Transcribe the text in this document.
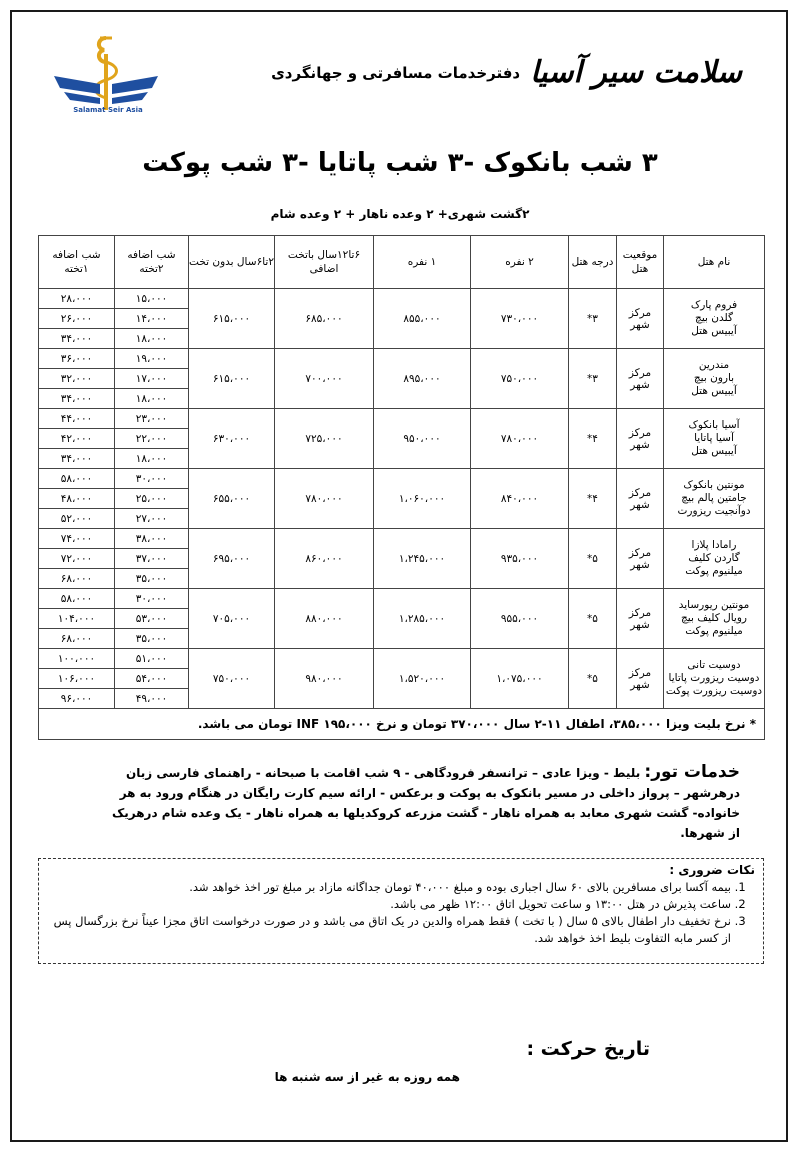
Salamat Seir Asia
سلامت سیر آسیا
دفترخدمات مسافرتی و جهانگردی
۳ شب بانکوک -۳ شب پاتایا -۳ شب پوکت
۲گشت شهری+ ۲ وعده ناهار + ۲ وعده شام
نام هتل	موقعیت هتل	درجه هتل	۲ نفره	۱ نفره	۶تا۱۲سال باتخت اضافی	۲تا۶سال بدون تخت	شب اضافه ۲تخته	شب اضافه ۱تخته

فروم پارک
گلدن بیچ
آیبیس هتل	مرکز شهر	۳*	۷۳۰،۰۰۰	۸۵۵،۰۰۰	۶۸۵،۰۰۰	۶۱۵،۰۰۰	۱۵،۰۰۰	۲۸،۰۰۰
							۱۴،۰۰۰	۲۶،۰۰۰
							۱۸،۰۰۰	۳۴،۰۰۰

مندرین
بارون بیچ
آیبیس هتل	مرکز شهر	۳*	۷۵۰،۰۰۰	۸۹۵،۰۰۰	۷۰۰،۰۰۰	۶۱۵،۰۰۰	۱۹،۰۰۰	۳۶،۰۰۰
							۱۷،۰۰۰	۳۲،۰۰۰
							۱۸،۰۰۰	۳۴،۰۰۰

آسیا بانکوک
آسیا پاتایا
آیبیس هتل	مرکز شهر	۴*	۷۸۰،۰۰۰	۹۵۰،۰۰۰	۷۲۵،۰۰۰	۶۳۰،۰۰۰	۲۳،۰۰۰	۴۴،۰۰۰
							۲۲،۰۰۰	۴۲،۰۰۰
							۱۸،۰۰۰	۳۴،۰۰۰

مونتین بانکوک
جامتین پالم بیچ
دوآنجیت ریزورت	مرکز شهر	۴*	۸۴۰،۰۰۰	۱،۰۶۰،۰۰۰	۷۸۰،۰۰۰	۶۵۵،۰۰۰	۳۰،۰۰۰	۵۸،۰۰۰
							۲۵،۰۰۰	۴۸،۰۰۰
							۲۷،۰۰۰	۵۲،۰۰۰

رامادا پلازا
گاردن کلیف
میلنیوم پوکت	مرکز شهر	۵*	۹۳۵،۰۰۰	۱،۲۴۵،۰۰۰	۸۶۰،۰۰۰	۶۹۵،۰۰۰	۳۸،۰۰۰	۷۴،۰۰۰
							۳۷،۰۰۰	۷۲،۰۰۰
							۳۵،۰۰۰	۶۸،۰۰۰

مونتین ریورساید
رویال کلیف بیچ
میلنیوم پوکت	مرکز شهر	۵*	۹۵۵،۰۰۰	۱،۲۸۵،۰۰۰	۸۸۰،۰۰۰	۷۰۵،۰۰۰	۳۰،۰۰۰	۵۸،۰۰۰
							۵۳،۰۰۰	۱۰۴،۰۰۰
							۳۵،۰۰۰	۶۸،۰۰۰

دوسیت تانی
دوسیت ریزورت پاتایا
دوسیت ریزورت پوکت	مرکز شهر	۵*	۱،۰۷۵،۰۰۰	۱،۵۲۰،۰۰۰	۹۸۰،۰۰۰	۷۵۰،۰۰۰	۵۱،۰۰۰	۱۰۰،۰۰۰
							۵۴،۰۰۰	۱۰۶،۰۰۰
							۴۹،۰۰۰	۹۶،۰۰۰
* نرخ بلیت ویزا ۳۸۵،۰۰۰، اطفال ۱۱-۲ سال ۳۷۰،۰۰۰ تومان و نرخ INF ۱۹۵،۰۰۰ تومان می باشد.								
خدمات تور: بلیط - ویزا عادی – ترانسفر فرودگاهی - ۹ شب اقامت با صبحانه - راهنمای فارسی زبان درهرشهر – پرواز داخلی در مسیر بانکوک به پوکت و برعکس - ارائه سیم کارت رایگان در هنگام ورود به هر خانواده- گشت شهری معابد به همراه ناهار - گشت مزرعه کروکدیلها به همراه ناهار - یک وعده شام درهریک از شهرها.
نکات ضروری :
1. بیمه آکسا برای مسافرین بالای ۶۰ سال اجباری بوده و مبلغ ۴۰،۰۰۰ تومان جداگانه مازاد بر مبلغ تور اخذ خواهد شد.
2. ساعت پذیرش در هتل ۱۳:۰۰ و ساعت تحویل اتاق ۱۲:۰۰ ظهر می باشد.
3. نرخ تخفیف دار اطفال بالای ۵ سال ( با تخت ) فقط همراه والدین در یک اتاق می باشد و در صورت درخواست اتاق مجزا عیناً نرخ بزرگسال پس از کسر مابه التفاوت بلیط اخذ خواهد شد.
تاریخ حرکت :
همه روزه به غیر از سه شنبه ها
